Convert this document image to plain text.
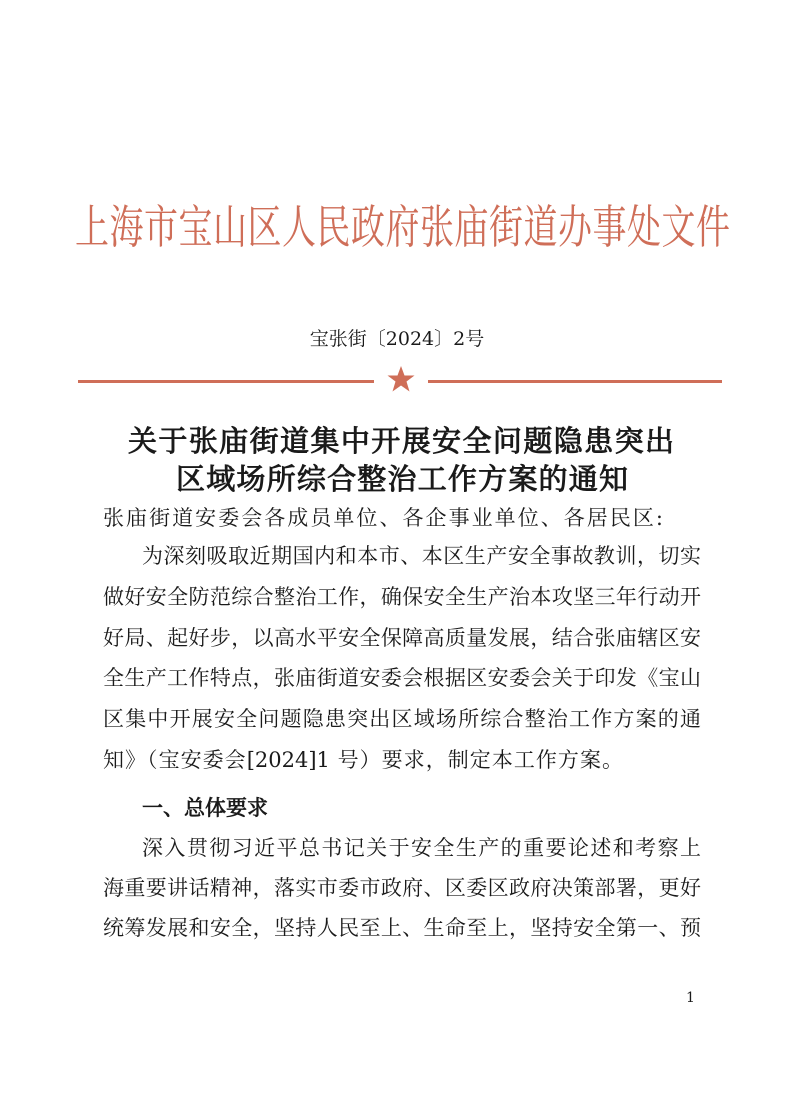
上海市宝山区人民政府张庙街道办事处文件
宝张街〔2024〕2号
关于张庙街道集中开展安全问题隐患突出
区域场所综合整治工作方案的通知
张庙街道安委会各成员单位、各企事业单位、各居民区:
为深刻吸取近期国内和本市、本区生产安全事故教训，切实
做好安全防范综合整治工作，确保安全生产治本攻坚三年行动开
好局、起好步，以高水平安全保障高质量发展，结合张庙辖区安
全生产工作特点，张庙街道安委会根据区安委会关于印发《宝山
区集中开展安全问题隐患突出区域场所综合整治工作方案的通
知》（宝安委会[2024]1 号）要求，制定本工作方案。
一、总体要求
深入贯彻习近平总书记关于安全生产的重要论述和考察上
海重要讲话精神，落实市委市政府、区委区政府决策部署，更好
统筹发展和安全，坚持人民至上、生命至上，坚持安全第一、预
1
